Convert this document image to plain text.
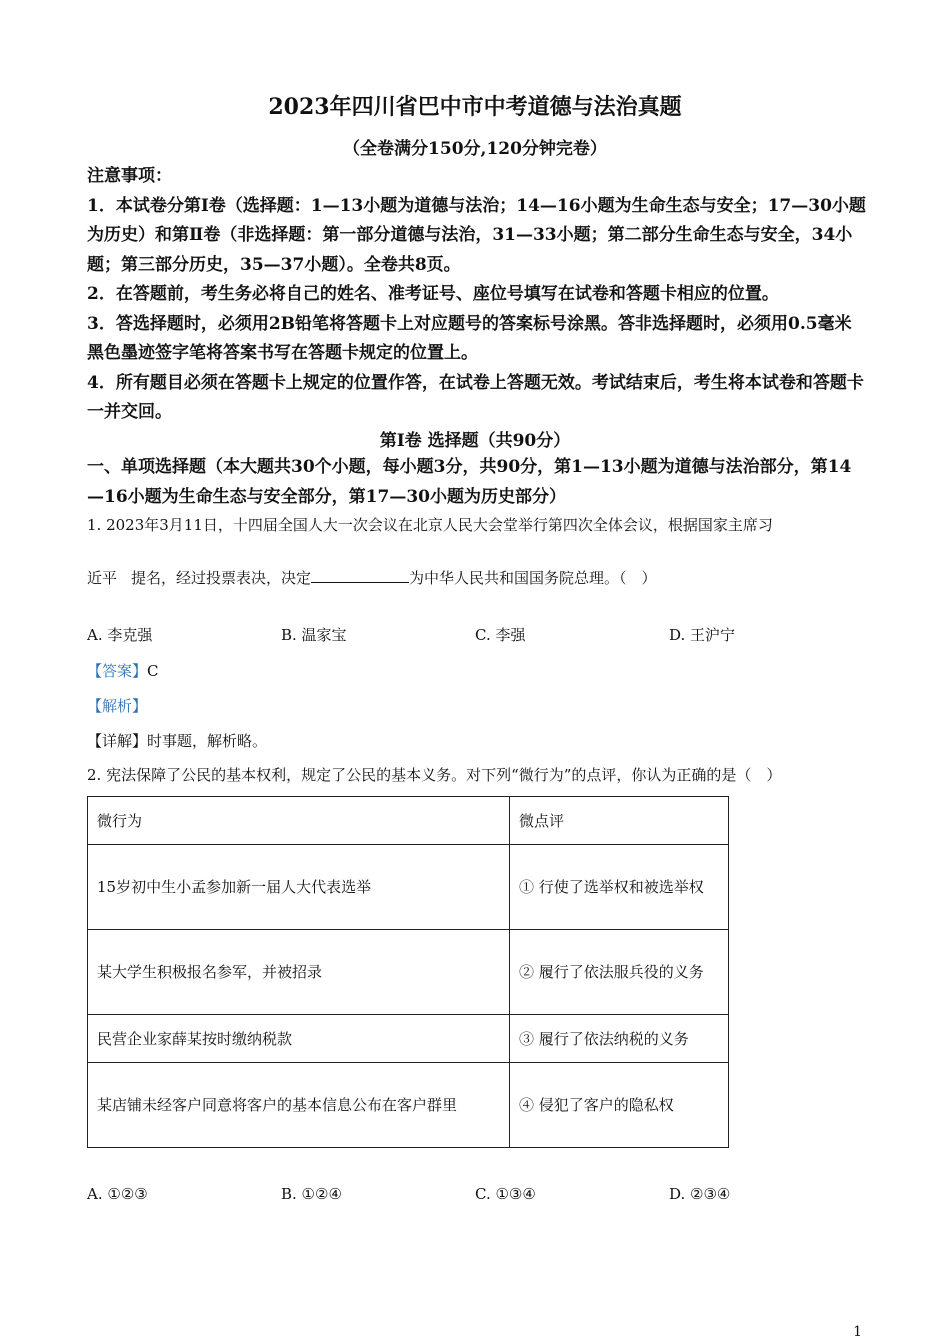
2023年四川省巴中市中考道德与法治真题
（全卷满分150分,120分钟完卷）

注意事项：

1．本试卷分第Ⅰ卷（选择题：1—13小题为道德与法治；14—16小题为生命生态与安全；17—30小题为历史）和第Ⅱ卷（非选择题：第一部分道德与法治，31—33小题；第二部分生命生态与安全，34小题；第三部分历史，35—37小题）。全卷共8页。

2．在答题前，考生务必将自己的姓名、准考证号、座位号填写在试卷和答题卡相应的位置。

3．答选择题时，必须用2B铅笔将答题卡上对应题号的答案标号涂黑。答非选择题时，必须用0.5毫米黑色墨迹签字笔将答案书写在答题卡规定的位置上。

4．所有题目必须在答题卡上规定的位置作答，在试卷上答题无效。考试结束后，考生将本试卷和答题卡一并交回。

第Ⅰ卷 选择题（共90分）
一、单项选择题（本大题共30个小题，每小题3分，共90分，第1—13小题为道德与法治部分，第14—16小题为生命生态与安全部分，第17—30小题为历史部分）
1. 2023年3月11日，十四届全国人大一次会议在北京人民大会堂举行第四次全体会议，根据国家主席习
近平 提名，经过投票表决，决定	为中华人民共和国国务院总理。（　）
A. 李克强	B. 温家宝	C. 李强	D. 王沪宁
【答案】C
【解析】
【详解】时事题，解析略。
2. 宪法保障了公民的基本权利，规定了公民的基本义务。对下列“微行为”的点评，你认为正确的是（　）
微行为	微点评
15岁初中生小孟参加新一届人大代表选举	① 行使了选举权和被选举权
某大学生积极报名参军，并被招录	② 履行了依法服兵役的义务
民营企业家薛某按时缴纳税款	③ 履行了依法纳税的义务
某店铺未经客户同意将客户的基本信息公布在客户群里	④ 侵犯了客户的隐私权
A. ①②③	B. ①②④	C. ①③④	D. ②③④
1
